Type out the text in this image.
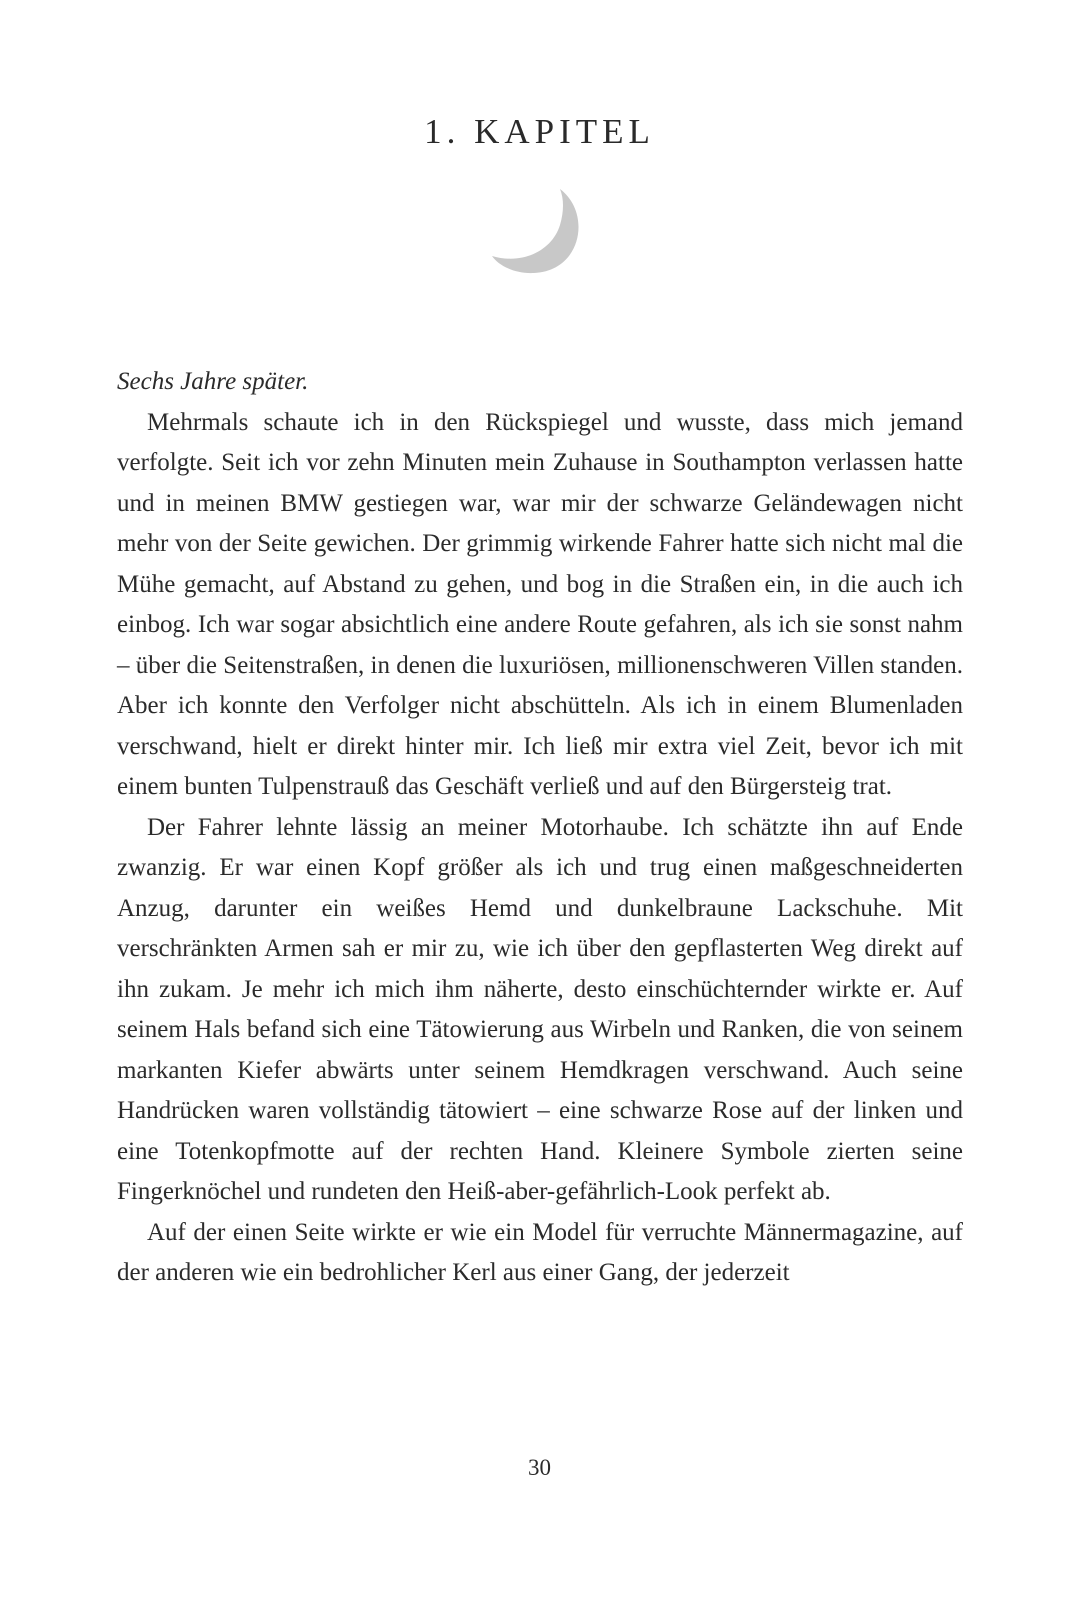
1. KAPITEL

Sechs Jahre später.

Mehrmals schaute ich in den Rückspiegel und wusste, dass mich jemand verfolgte. Seit ich vor zehn Minuten mein Zuhause in Southampton verlassen hatte und in meinen BMW gestiegen war, war mir der schwarze Geländewagen nicht mehr von der Seite gewichen. Der grimmig wirkende Fahrer hatte sich nicht mal die Mühe gemacht, auf Abstand zu gehen, und bog in die Straßen ein, in die auch ich einbog. Ich war sogar absichtlich eine andere Route gefahren, als ich sie sonst nahm – über die Seitenstraßen, in denen die luxuriösen, millionenschweren Villen standen. Aber ich konnte den Verfolger nicht abschütteln. Als ich in einem Blumenladen verschwand, hielt er direkt hinter mir. Ich ließ mir extra viel Zeit, bevor ich mit einem bunten Tulpenstrauß das Geschäft verließ und auf den Bürgersteig trat.

Der Fahrer lehnte lässig an meiner Motorhaube. Ich schätzte ihn auf Ende zwanzig. Er war einen Kopf größer als ich und trug einen maßgeschneiderten Anzug, darunter ein weißes Hemd und dunkelbraune Lackschuhe. Mit verschränkten Armen sah er mir zu, wie ich über den gepflasterten Weg direkt auf ihn zukam. Je mehr ich mich ihm näherte, desto einschüchternder wirkte er. Auf seinem Hals befand sich eine Tätowierung aus Wirbeln und Ranken, die von seinem markanten Kiefer abwärts unter seinem Hemdkragen verschwand. Auch seine Handrücken waren vollständig tätowiert – eine schwarze Rose auf der linken und eine Totenkopfmotte auf der rechten Hand. Kleinere Symbole zierten seine Fingerknöchel und rundeten den Heiß-aber-gefährlich-Look perfekt ab.

Auf der einen Seite wirkte er wie ein Model für verruchte Männermagazine, auf der anderen wie ein bedrohlicher Kerl aus einer Gang, der jederzeit

30
